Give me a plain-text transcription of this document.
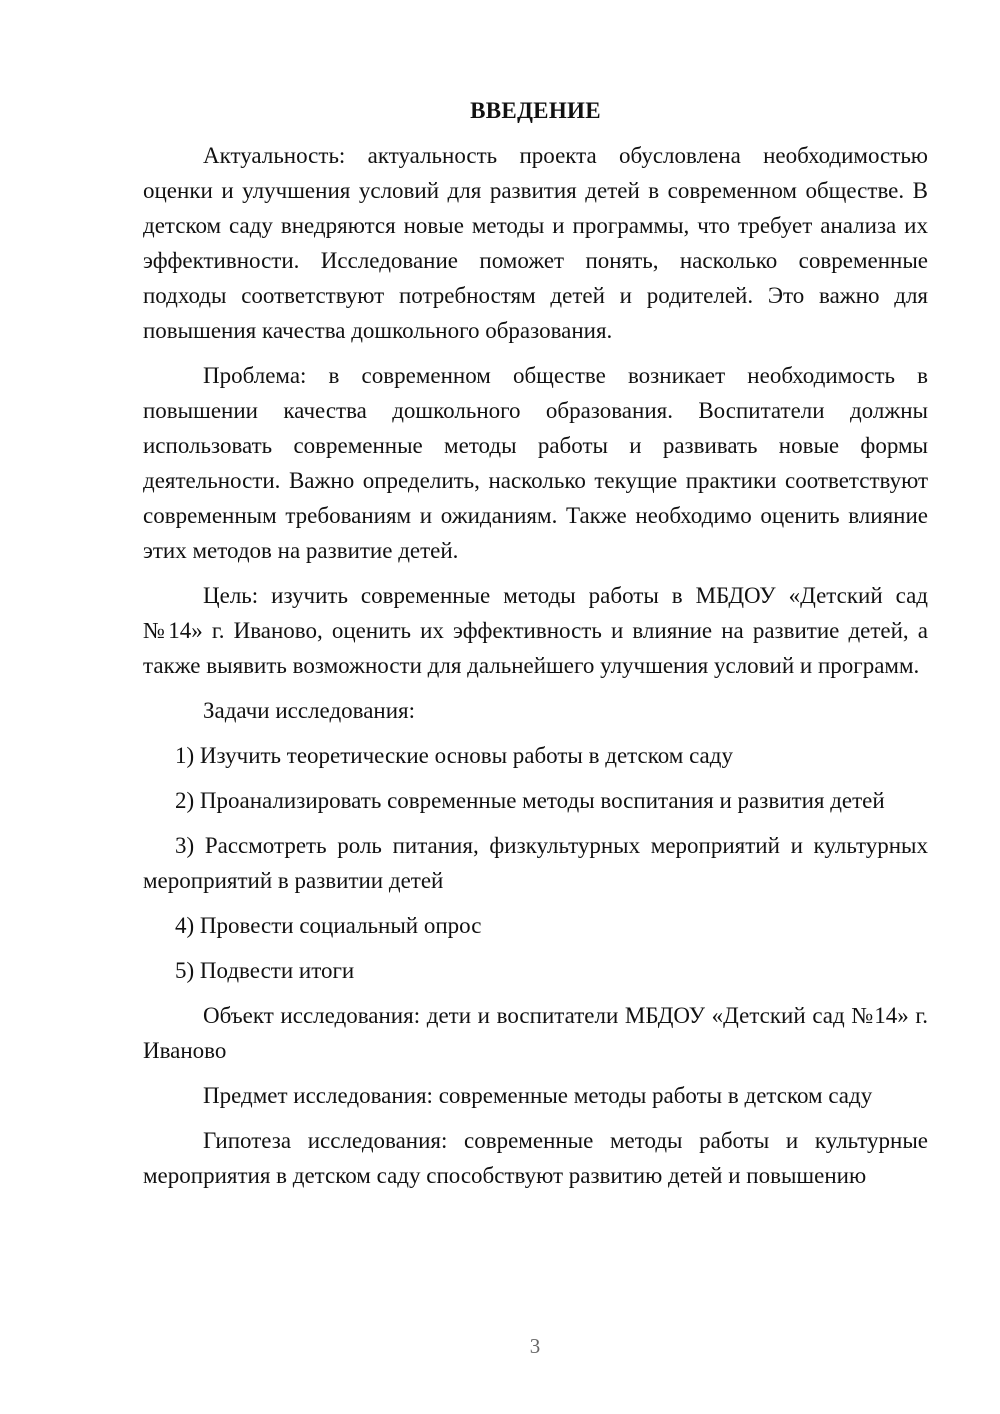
ВВЕДЕНИЕ

Актуальность: актуальность проекта обусловлена необходимостью оценки и улучшения условий для развития детей в современном обществе. В детском саду внедряются новые методы и программы, что требует анализа их эффективности. Исследование поможет понять, насколько современные подходы соответствуют потребностям детей и родителей. Это важно для повышения качества дошкольного образования.

Проблема: в современном обществе возникает необходимость в повышении качества дошкольного образования. Воспитатели должны использовать современные методы работы и развивать новые формы деятельности. Важно определить, насколько текущие практики соответствуют современным требованиям и ожиданиям. Также необходимо оценить влияние этих методов на развитие детей.

Цель: изучить современные методы работы в МБДОУ «Детский сад №14» г. Иваново, оценить их эффективность и влияние на развитие детей, а также выявить возможности для дальнейшего улучшения условий и программ.

Задачи исследования:

1) Изучить теоретические основы работы в детском саду

2) Проанализировать современные методы воспитания и развития детей

3) Рассмотреть роль питания, физкультурных мероприятий и культурных мероприятий в развитии детей

4) Провести социальный опрос

5) Подвести итоги

Объект исследования: дети и воспитатели МБДОУ «Детский сад №14» г. Иваново

Предмет исследования: современные методы работы в детском саду

Гипотеза исследования: современные методы работы и культурные мероприятия в детском саду способствуют развитию детей и повышению

3
